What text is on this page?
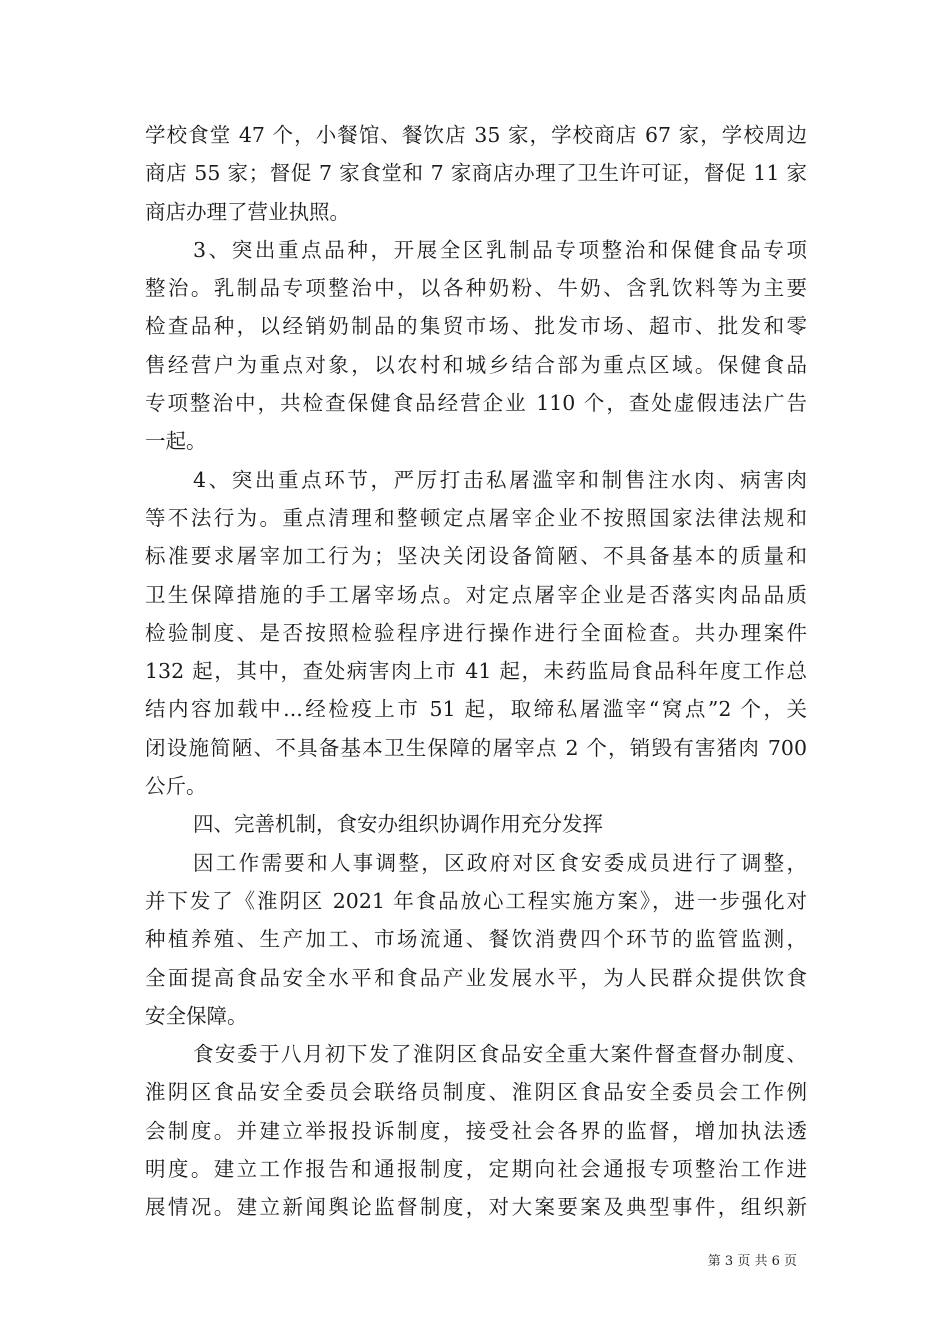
学校食堂 47 个，小餐馆、餐饮店 35 家，学校商店 67 家，学校周边
商店 55 家；督促 7 家食堂和 7 家商店办理了卫生许可证，督促 11 家
商店办理了营业执照。
3、突出重点品种，开展全区乳制品专项整治和保健食品专项
整治。乳制品专项整治中，以各种奶粉、牛奶、含乳饮料等为主要
检查品种，以经销奶制品的集贸市场、批发市场、超市、批发和零
售经营户为重点对象，以农村和城乡结合部为重点区域。保健食品
专项整治中，共检查保健食品经营企业 110 个，查处虚假违法广告
一起。
4、突出重点环节，严厉打击私屠滥宰和制售注水肉、病害肉
等不法行为。重点清理和整顿定点屠宰企业不按照国家法律法规和
标准要求屠宰加工行为；坚决关闭设备简陋、不具备基本的质量和
卫生保障措施的手工屠宰场点。对定点屠宰企业是否落实肉品品质
检验制度、是否按照检验程序进行操作进行全面检查。共办理案件
132 起，其中，查处病害肉上市 41 起，未药监局食品科年度工作总
结内容加载中...经检疫上市 51 起，取缔私屠滥宰“窝点”2 个，关
闭设施简陋、不具备基本卫生保障的屠宰点 2 个，销毁有害猪肉 700
公斤。
四、完善机制，食安办组织协调作用充分发挥
因工作需要和人事调整，区政府对区食安委成员进行了调整，
并下发了《淮阴区 2021 年食品放心工程实施方案》，进一步强化对
种植养殖、生产加工、市场流通、餐饮消费四个环节的监管监测，
全面提高食品安全水平和食品产业发展水平，为人民群众提供饮食
安全保障。
食安委于八月初下发了淮阴区食品安全重大案件督查督办制度、
淮阴区食品安全委员会联络员制度、淮阴区食品安全委员会工作例
会制度。并建立举报投诉制度，接受社会各界的监督，增加执法透
明度。建立工作报告和通报制度，定期向社会通报专项整治工作进
展情况。建立新闻舆论监督制度，对大案要案及典型事件，组织新
第 3 页 共 6 页
